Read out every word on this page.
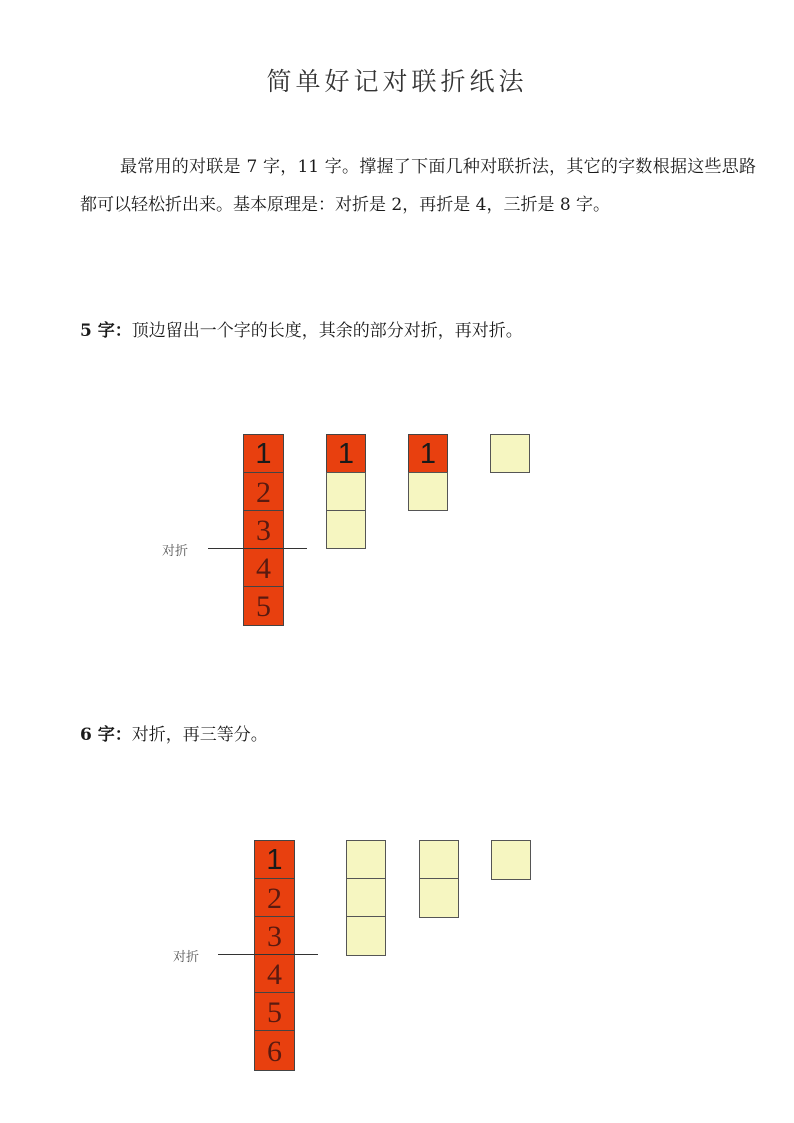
简单好记对联折纸法

最常用的对联是 7 字，11 字。撑握了下面几种对联折法，其它的字数根据这些思路都可以轻松折出来。基本原理是：对折是 2，再折是 4，三折是 8 字。

5 字：顶边留出一个字的长度，其余的部分对折，再对折。

1
2
3
4
5
对折
1 1

6 字：对折，再三等分。

1
2
3
4
5
6
对折
